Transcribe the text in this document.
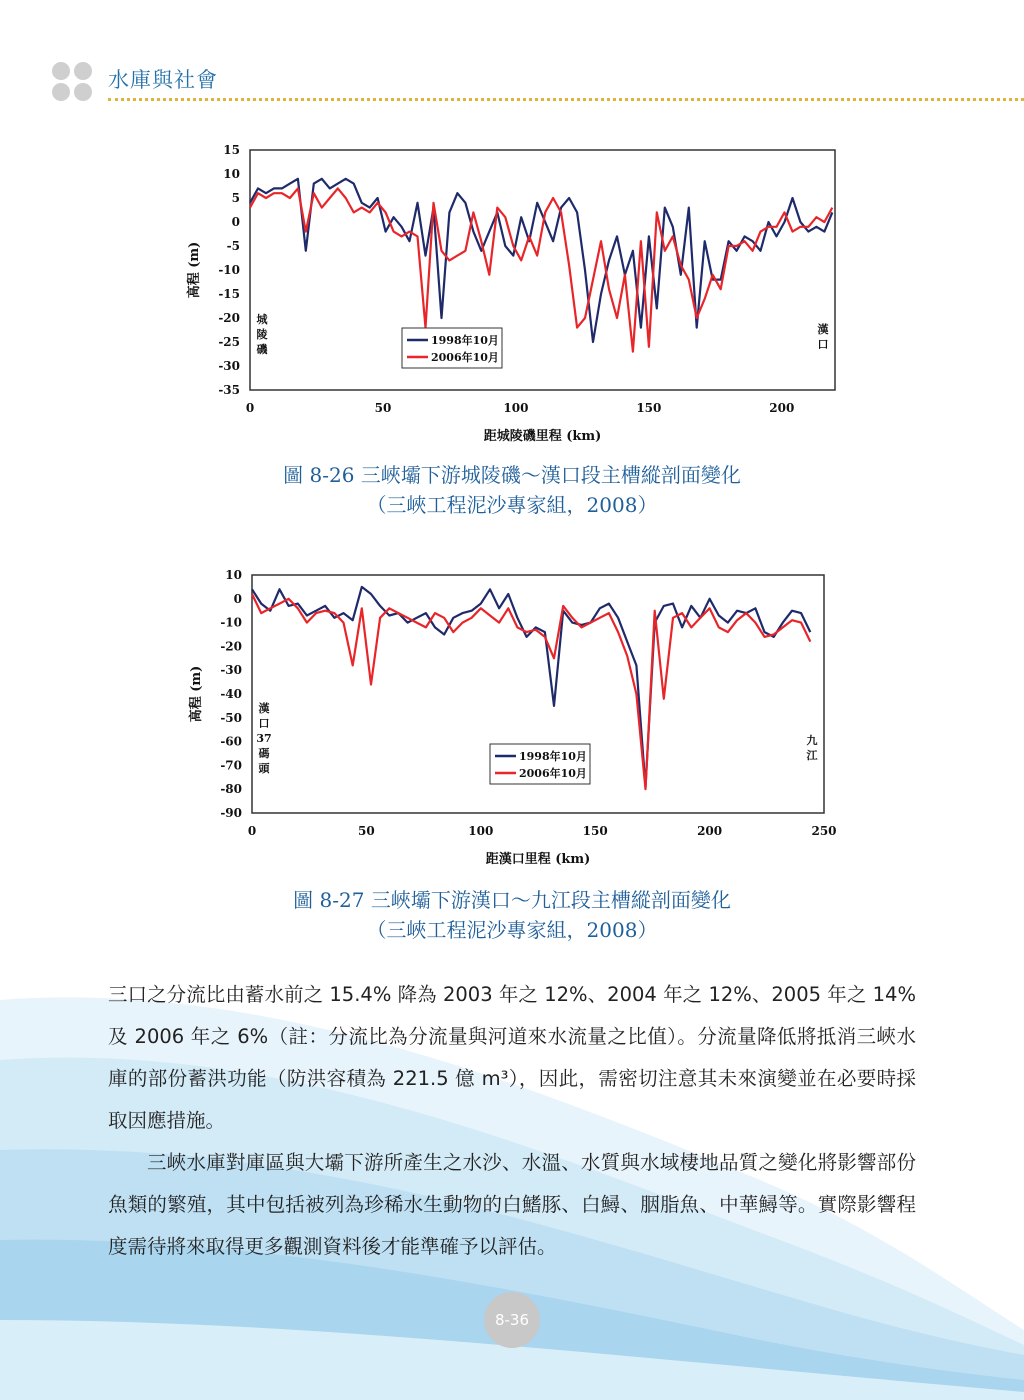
水庫與社會
15
10
5
0
-5
-10
-15
-20
-25
-30
-35
0	50	100	150	200
距城陵磯里程 (km)
高程 (m)
城
陵
磯
漢
口
1998年10月
2006年10月
圖 8-26 三峽壩下游城陵磯～漢口段主槽縱剖面變化
（三峽工程泥沙專家組，2008）
10
0
-10
-20
-30
-40
-50
-60
-70
-80
-90
0	50	100	150	200	250
距漢口里程 (km)
高程 (m)	漢
口
37
碼
頭
九
江
1998年10月
2006年10月
圖 8-27 三峽壩下游漢口～九江段主槽縱剖面變化
（三峽工程泥沙專家組，2008）

三口之分流比由蓄水前之 15.4% 降為 2003 年之 12%、2004 年之 12%、2005 年之 14% 及 2006 年之 6%（註：分流比為分流量與河道來水流量之比值）。分流量降低將抵消三峽水庫的部份蓄洪功能（防洪容積為 221.5 億 m³），因此，需密切注意其未來演變並在必要時採取因應措施。

三峽水庫對庫區與大壩下游所產生之水沙、水溫、水質與水域棲地品質之變化將影響部份魚類的繁殖，其中包括被列為珍稀水生動物的白鰭豚、白鱘、胭脂魚、中華鱘等。實際影響程度需待將來取得更多觀測資料後才能準確予以評估。

8-36
